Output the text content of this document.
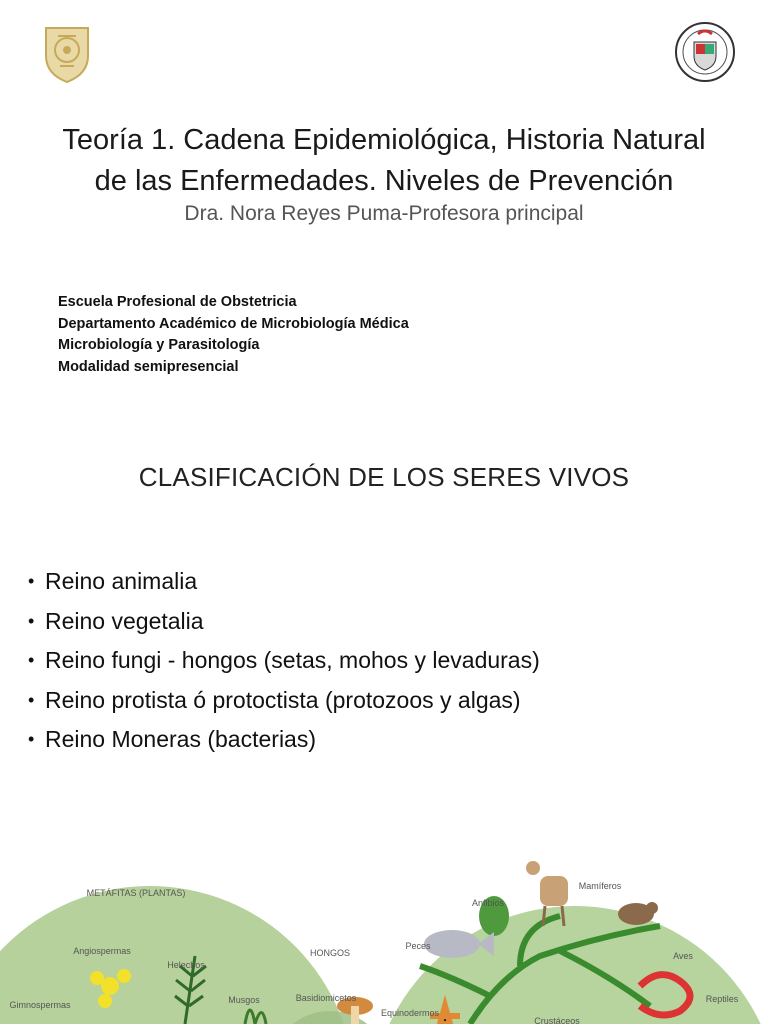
Teoría 1. Cadena Epidemiológica, Historia Natural
de las Enfermedades. Niveles de Prevención
Dra. Nora Reyes Puma-Profesora principal
Escuela Profesional de Obstetricia
Departamento Académico de Microbiología Médica
Microbiología y Parasitología
Modalidad semipresencial
CLASIFICACIÓN DE LOS SERES VIVOS
• Reino animalia
• Reino vegetalia
• Reino fungi - hongos (setas, mohos y levaduras)
• Reino protista ó protoctista (protozoos y algas)
• Reino Moneras (bacterias)
METÁFITAS (PLANTAS)
Angiospermas
Helechos
Gimnospermas	Musgos
HONGOS
Basidiomicetos
Anfibios
Mamíferos
Peces
Aves
Equinodermos
Reptiles
Crustáceos
